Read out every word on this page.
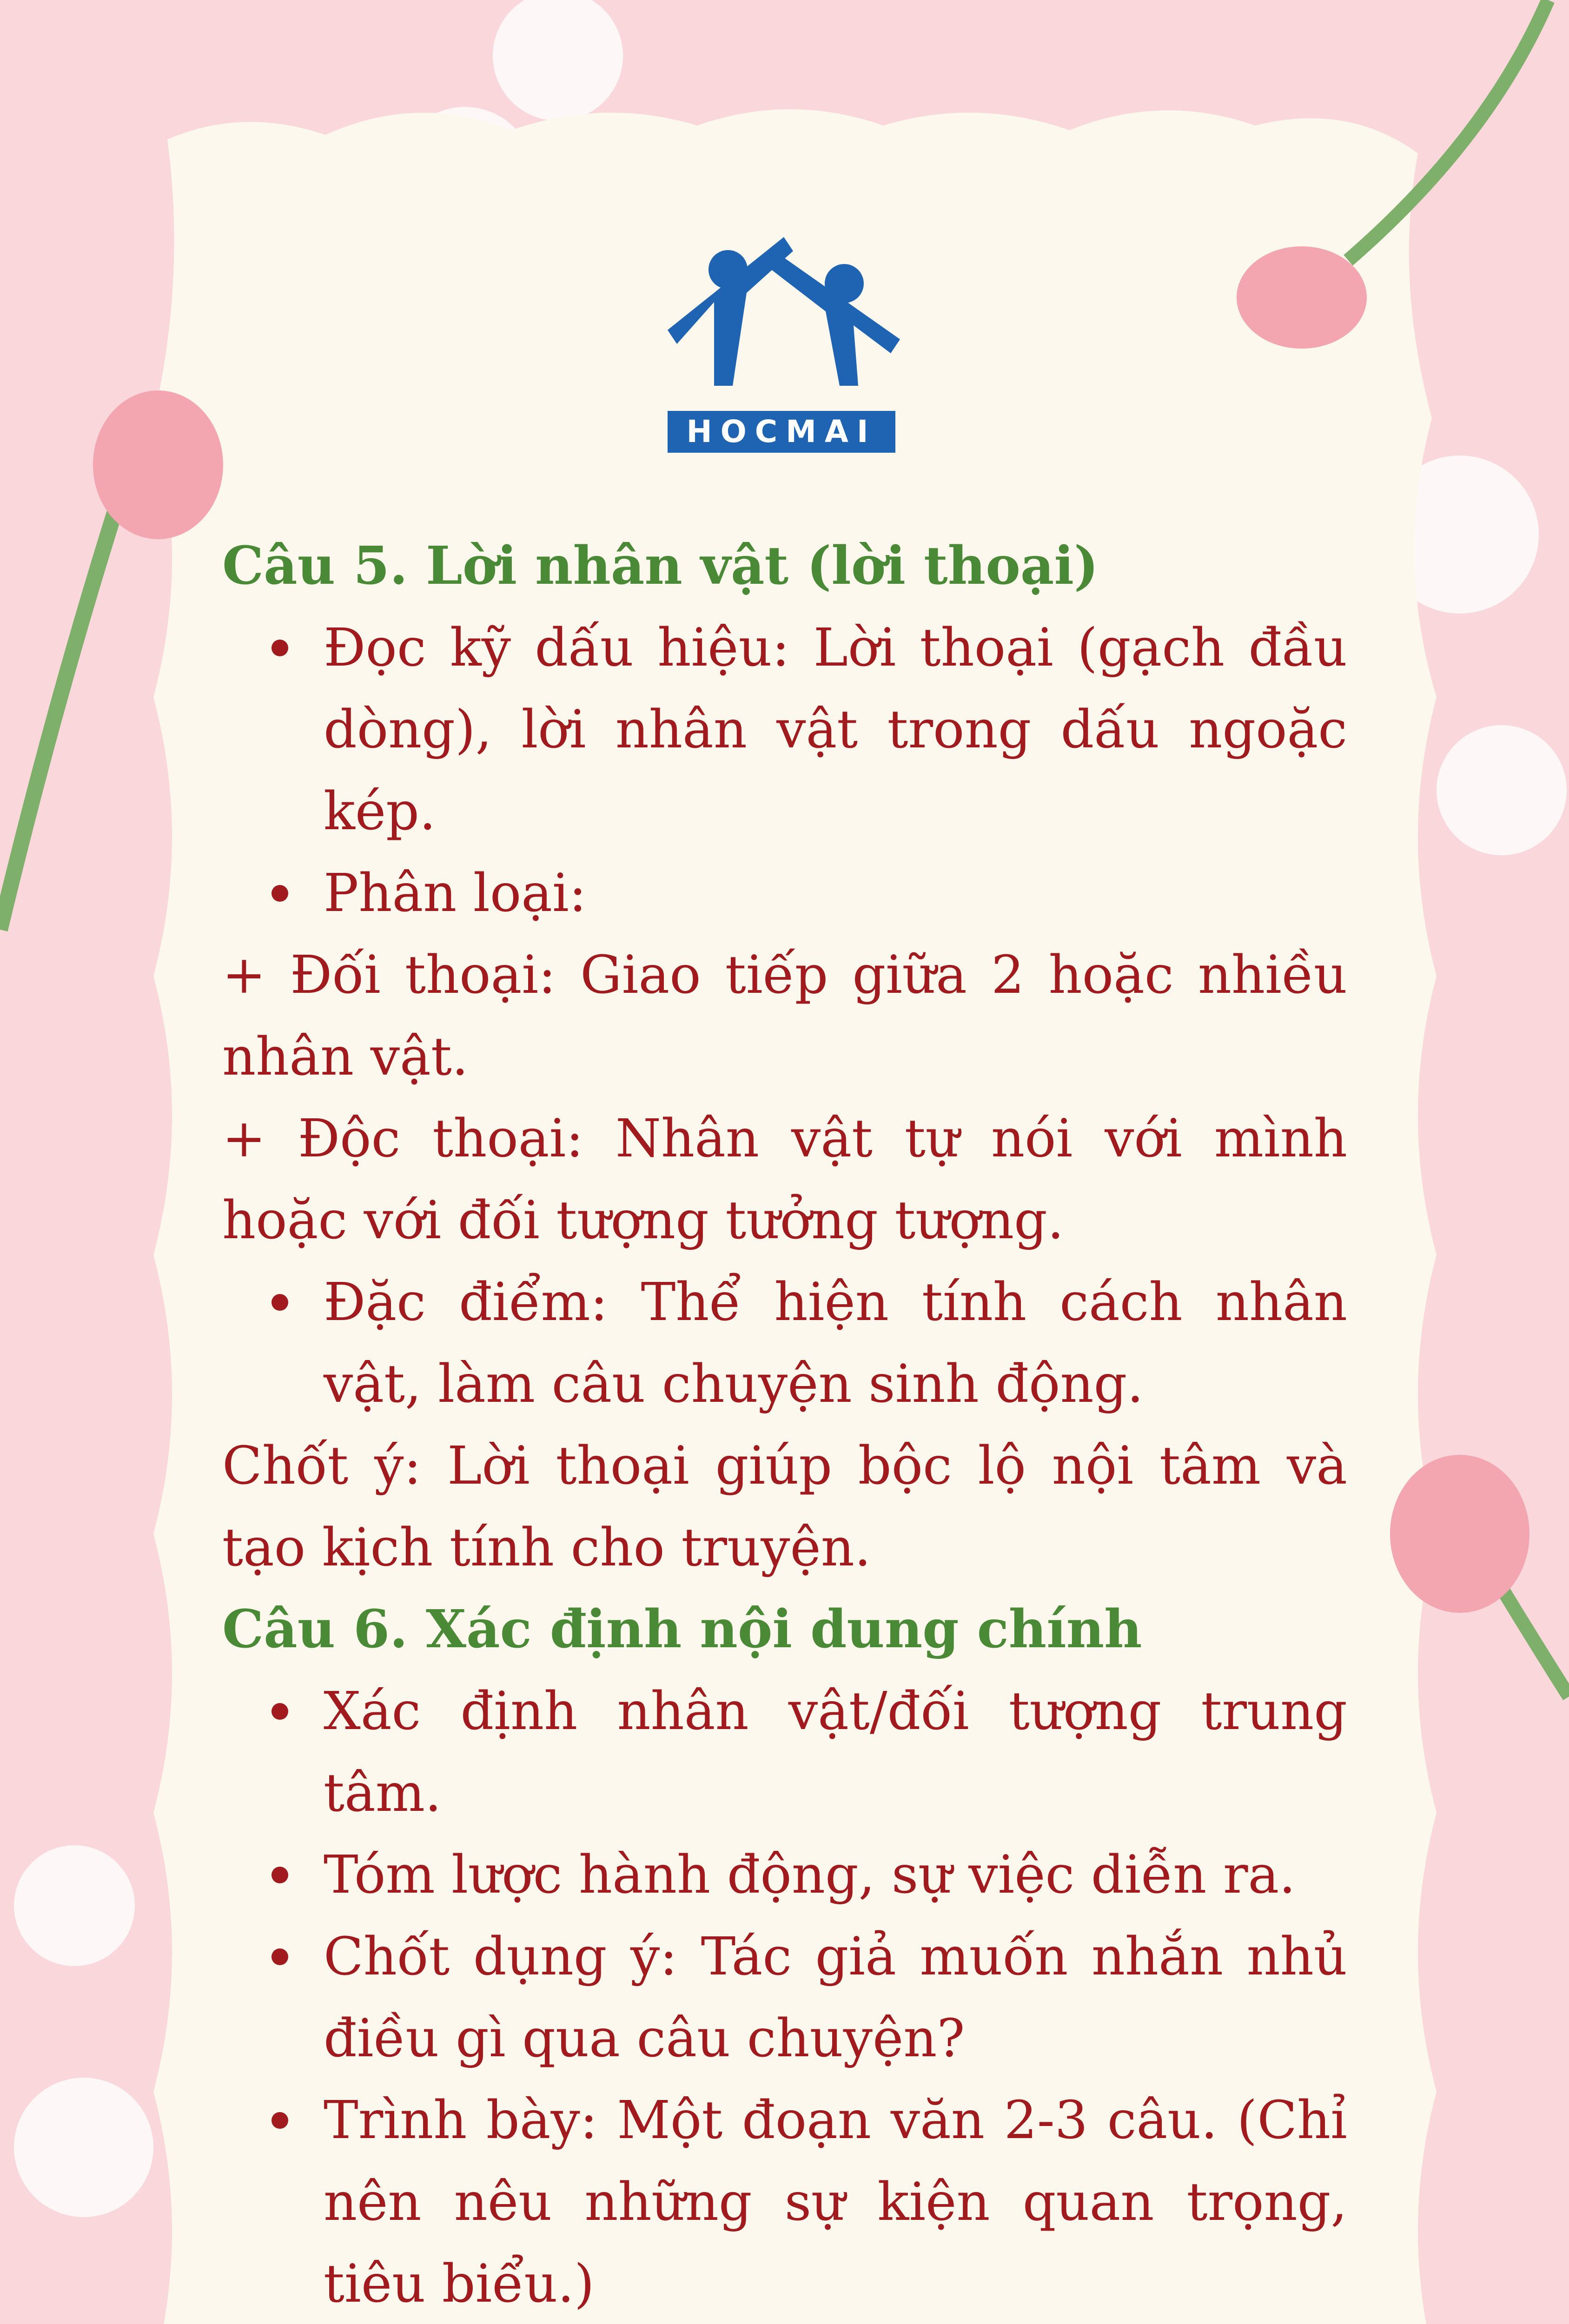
HOCMAI

Câu 5. Lời nhân vật (lời thoại)

Đọc kỹ dấu hiệu: Lời thoại (gạch đầu dòng), lời nhân vật trong dấu ngoặc kép.
Phân loại:

+ Đối thoại: Giao tiếp giữa 2 hoặc nhiều nhân vật.

+ Độc thoại: Nhân vật tự nói với mình hoặc với đối tượng tưởng tượng.

Đặc điểm: Thể hiện tính cách nhân vật, làm câu chuyện sinh động.

Chốt ý: Lời thoại giúp bộc lộ nội tâm và tạo kịch tính cho truyện.

Câu 6. Xác định nội dung chính

Xác định nhân vật/đối tượng trung tâm.
Tóm lược hành động, sự việc diễn ra.
Chốt dụng ý: Tác giả muốn nhắn nhủ điều gì qua câu chuyện?
Trình bày: Một đoạn văn 2-3 câu. (Chỉ nên nêu những sự kiện quan trọng, tiêu biểu.)
